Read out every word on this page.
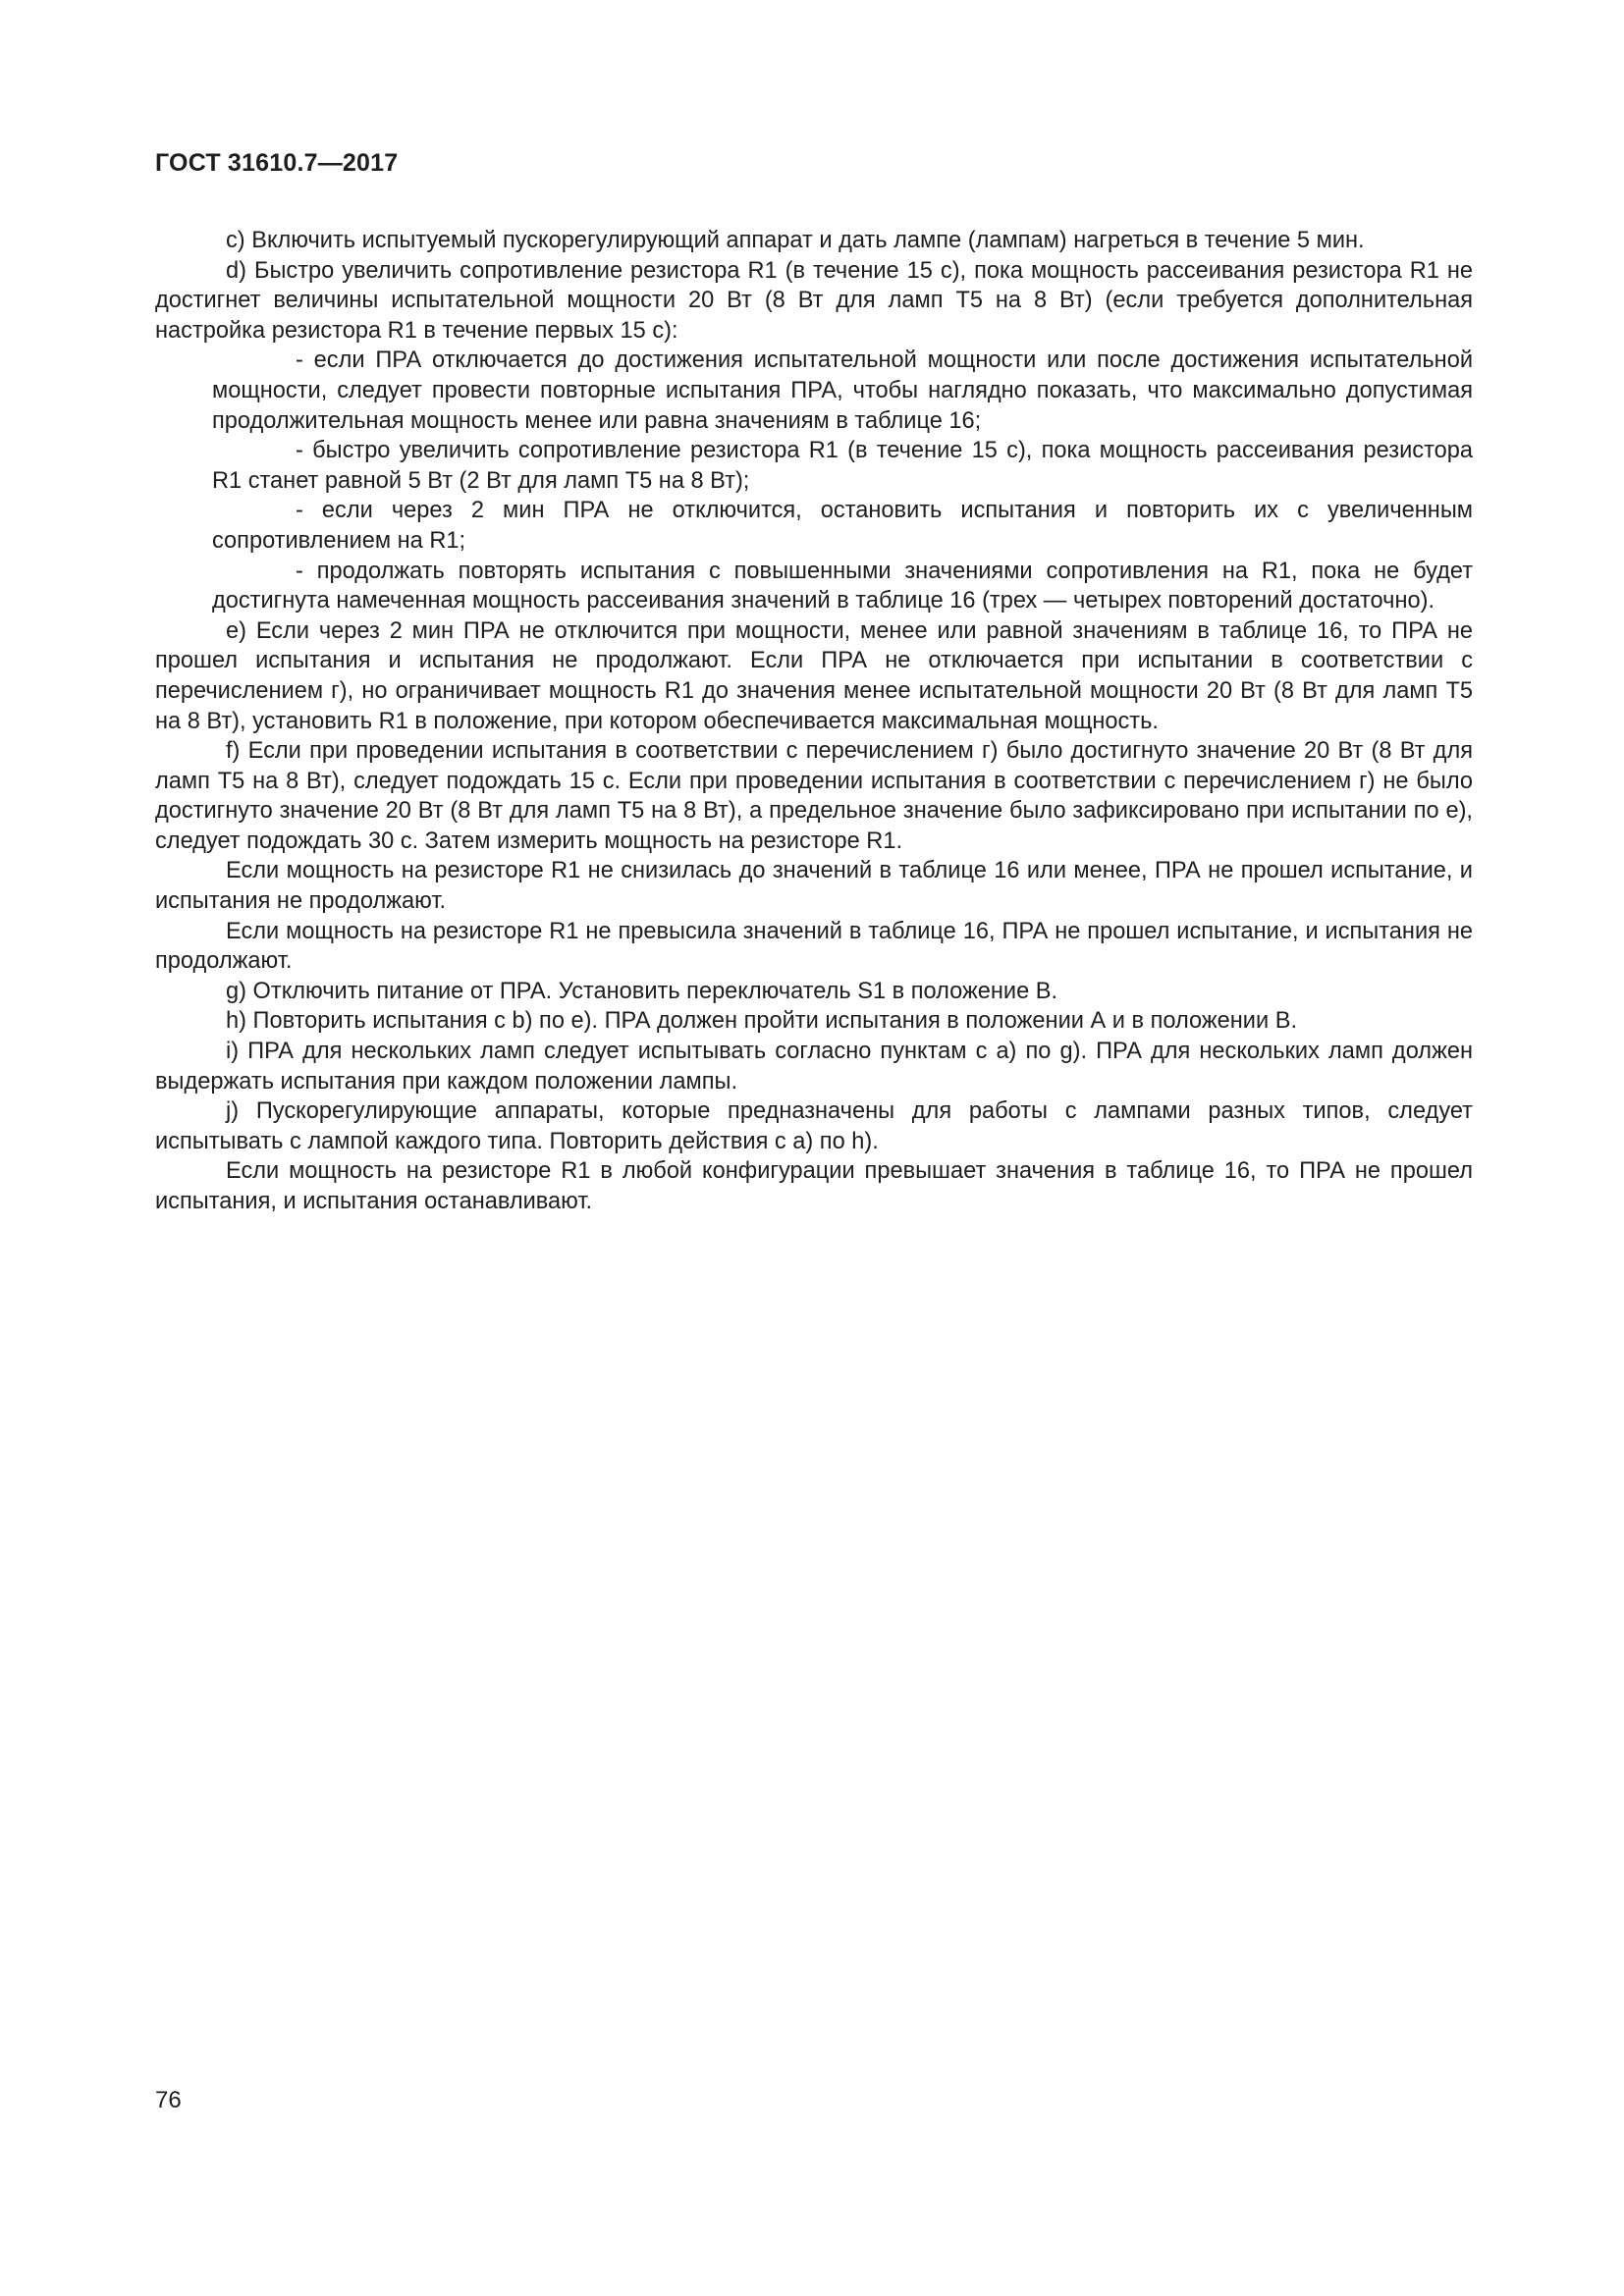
ГОСТ 31610.7—2017

c) Включить испытуемый пускорегулирующий аппарат и дать лампе (лампам) нагреться в течение 5 мин.

d) Быстро увеличить сопротивление резистора R1 (в течение 15 с), пока мощность рассеивания резистора R1 не достигнет величины испытательной мощности 20 Вт (8 Вт для ламп Т5 на 8 Вт) (если требуется дополнительная настройка резистора R1 в течение первых 15 с):

- если ПРА отключается до достижения испытательной мощности или после достижения испытательной мощности, следует провести повторные испытания ПРА, чтобы наглядно показать, что максимально допустимая продолжительная мощность менее или равна значениям в таблице 16;

- быстро увеличить сопротивление резистора R1 (в течение 15 с), пока мощность рассеивания резистора R1 станет равной 5 Вт (2 Вт для ламп Т5 на 8 Вт);

- если через 2 мин ПРА не отключится, остановить испытания и повторить их с увеличенным сопротивлением на R1;

- продолжать повторять испытания с повышенными значениями сопротивления на R1, пока не будет достигнута намеченная мощность рассеивания значений в таблице 16 (трех — четырех повторений достаточно).

e) Если через 2 мин ПРА не отключится при мощности, менее или равной значениям в таблице 16, то ПРА не прошел испытания и испытания не продолжают. Если ПРА не отключается при испытании в соответствии с перечислением г), но ограничивает мощность R1 до значения менее испытательной мощности 20 Вт (8 Вт для ламп Т5 на 8 Вт), установить R1 в положение, при котором обеспечивается максимальная мощность.

f) Если при проведении испытания в соответствии с перечислением г) было достигнуто значение 20 Вт (8 Вт для ламп Т5 на 8 Вт), следует подождать 15 с. Если при проведении испытания в соответствии с перечислением г) не было достигнуто значение 20 Вт (8 Вт для ламп Т5 на 8 Вт), а предельное значение было зафиксировано при испытании по e), следует подождать 30 с. Затем измерить мощность на резисторе R1.

Если мощность на резисторе R1 не снизилась до значений в таблице 16 или менее, ПРА не прошел испытание, и испытания не продолжают.

Если мощность на резисторе R1 не превысила значений в таблице 16, ПРА не прошел испытание, и испытания не продолжают.

g) Отключить питание от ПРА. Установить переключатель S1 в положение В.

h) Повторить испытания с b) по e). ПРА должен пройти испытания в положении А и в положении В.

i) ПРА для нескольких ламп следует испытывать согласно пунктам с a) по g). ПРА для нескольких ламп должен выдержать испытания при каждом положении лампы.

j) Пускорегулирующие аппараты, которые предназначены для работы с лампами разных типов, следует испытывать с лампой каждого типа. Повторить действия с a) по h).

Если мощность на резисторе R1 в любой конфигурации превышает значения в таблице 16, то ПРА не прошел испытания, и испытания останавливают.

76
